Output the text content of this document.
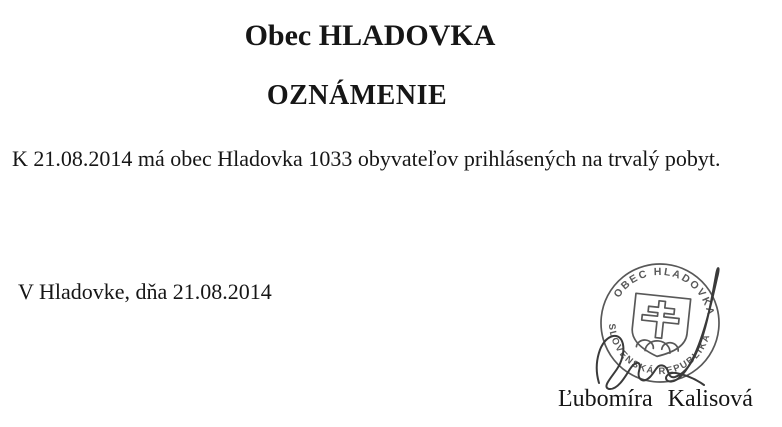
Obec HLADOVKA
OZNÁMENIE

K 21.08.2014 má obec Hladovka 1033 obyvateľov prihlásených na trvalý pobyt.

V Hladovke, dňa 21.08.2014	OBEC HLADOVKA
SLOVENSKÁ REPUBLIKA

Ľubomíra Kalisová
